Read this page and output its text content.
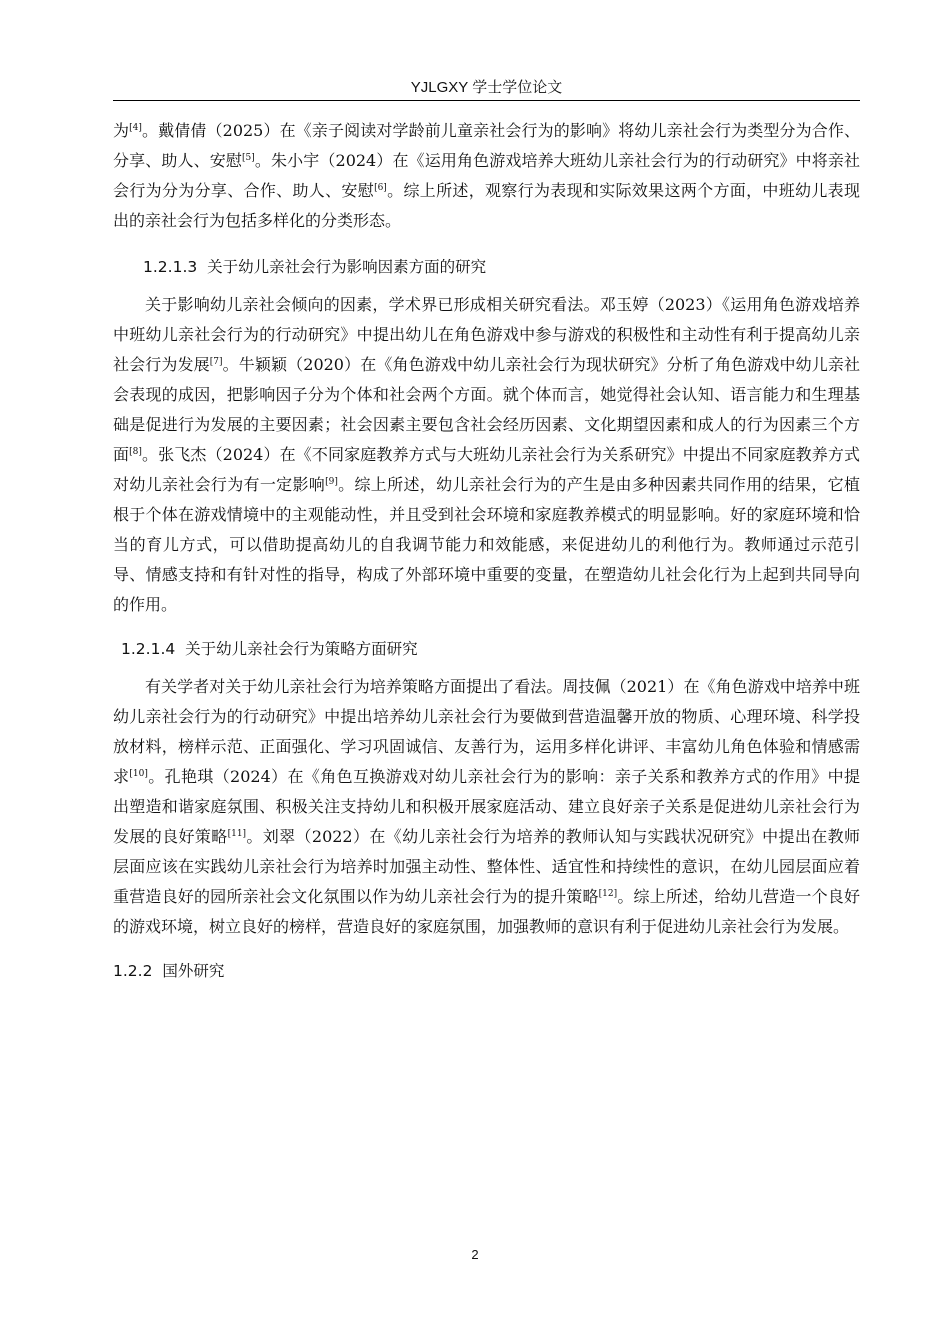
YJLGXY 学士学位论文

为[4]。戴倩倩（2025）在《亲子阅读对学龄前儿童亲社会行为的影响》将幼儿亲社会行为类型分为合作、分享、助人、安慰[5]。朱小宇（2024）在《运用角色游戏培养大班幼儿亲社会行为的行动研究》中将亲社会行为分为分享、合作、助人、安慰[6]。综上所述，观察行为表现和实际效果这两个方面，中班幼儿表现出的亲社会行为包括多样化的分类形态。

1.2.1.3 关于幼儿亲社会行为影响因素方面的研究

关于影响幼儿亲社会倾向的因素，学术界已形成相关研究看法。邓玉婷（2023）《运用角色游戏培养中班幼儿亲社会行为的行动研究》中提出幼儿在角色游戏中参与游戏的积极性和主动性有利于提高幼儿亲社会行为发展[7]。牛颖颖（2020）在《角色游戏中幼儿亲社会行为现状研究》分析了角色游戏中幼儿亲社会表现的成因，把影响因子分为个体和社会两个方面。就个体而言，她觉得社会认知、语言能力和生理基础是促进行为发展的主要因素；社会因素主要包含社会经历因素、文化期望因素和成人的行为因素三个方面[8]。张飞杰（2024）在《不同家庭教养方式与大班幼儿亲社会行为关系研究》中提出不同家庭教养方式对幼儿亲社会行为有一定影响[9]。综上所述，幼儿亲社会行为的产生是由多种因素共同作用的结果，它植根于个体在游戏情境中的主观能动性，并且受到社会环境和家庭教养模式的明显影响。好的家庭环境和恰当的育儿方式，可以借助提高幼儿的自我调节能力和效能感，来促进幼儿的利他行为。教师通过示范引导、情感支持和有针对性的指导，构成了外部环境中重要的变量，在塑造幼儿社会化行为上起到共同导向的作用。

1.2.1.4 关于幼儿亲社会行为策略方面研究

有关学者对关于幼儿亲社会行为培养策略方面提出了看法。周技佩（2021）在《角色游戏中培养中班幼儿亲社会行为的行动研究》中提出培养幼儿亲社会行为要做到营造温馨开放的物质、心理环境、科学投放材料，榜样示范、正面强化、学习巩固诚信、友善行为，运用多样化讲评、丰富幼儿角色体验和情感需求[10]。孔艳琪（2024）在《角色互换游戏对幼儿亲社会行为的影响：亲子关系和教养方式的作用》中提出塑造和谐家庭氛围、积极关注支持幼儿和积极开展家庭活动、建立良好亲子关系是促进幼儿亲社会行为发展的良好策略[11]。刘翠（2022）在《幼儿亲社会行为培养的教师认知与实践状况研究》中提出在教师层面应该在实践幼儿亲社会行为培养时加强主动性、整体性、适宜性和持续性的意识，在幼儿园层面应着重营造良好的园所亲社会文化氛围以作为幼儿亲社会行为的提升策略[12]。综上所述，给幼儿营造一个良好的游戏环境，树立良好的榜样，营造良好的家庭氛围，加强教师的意识有利于促进幼儿亲社会行为发展。

1.2.2 国外研究
2
